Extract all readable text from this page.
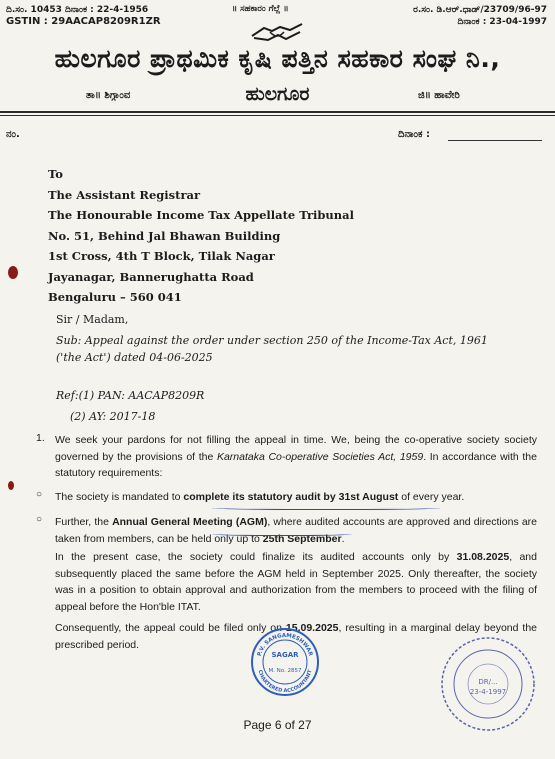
ದಿ.ಸಂ. 10453 ದಿನಾಂಕ : 22-4-1956
GSTIN : 29AACAP8209R1ZR
॥ ಸಹಕಾರಂ ಗೆಲ್ಲೆ ॥	ರ.ಸಂ. ಡಿ.ಆರ್.ಧಾಡ್/23709/96-97
ದಿನಾಂಕ : 23-04-1997
ಹುಲಗೂರ ಪ್ರಾಥಮಿಕ ಕೃಷಿ ಪತ್ತಿನ ಸಹಕಾರ ಸಂಘ ನಿ.,
ತಾ॥ ಶಿಗ್ಗಾಂವ	ಹುಲಗೂರ	ಜಿ॥ ಹಾವೇರಿ
ನಂ.	ದಿನಾಂಕ :
To
The Assistant Registrar
The Honourable Income Tax Appellate Tribunal
No. 51, Behind Jal Bhawan Building
1st Cross, 4th T Block, Tilak Nagar
Jayanagar, Bannerughatta Road
Bengaluru – 560 041
Sir / Madam,
Sub: Appeal against the order under section 250 of the Income-Tax Act, 1961 ('the Act') dated 04-06-2025
Ref:(1) PAN: AACAP8209R
(2) AY: 2017-18
1. We seek your pardons for not filling the appeal in time. We, being the co-operative society society governed by the provisions of the Karnataka Co-operative Societies Act, 1959. In accordance with the statutory requirements:
○ The society is mandated to complete its statutory audit by 31st August of every year.
○ Further, the Annual General Meeting (AGM), where audited accounts are approved and directions are taken from members, can be held only up to 25th September.
In the present case, the society could finalize its audited accounts only by 31.08.2025, and subsequently placed the same before the AGM held in September 2025. Only thereafter, the society was in a position to obtain approval and authorization from the members to proceed with the filing of appeal before the Hon'ble ITAT.
Consequently, the appeal could be filed only on 15.09.2025, resulting in a marginal delay beyond the prescribed period.
P.V. SANGAMESHWAR
CHARTERED ACCOUNTANT
SAGAR
M. No. 2857
DR/...
23-4-1997
Page 6 of 27
